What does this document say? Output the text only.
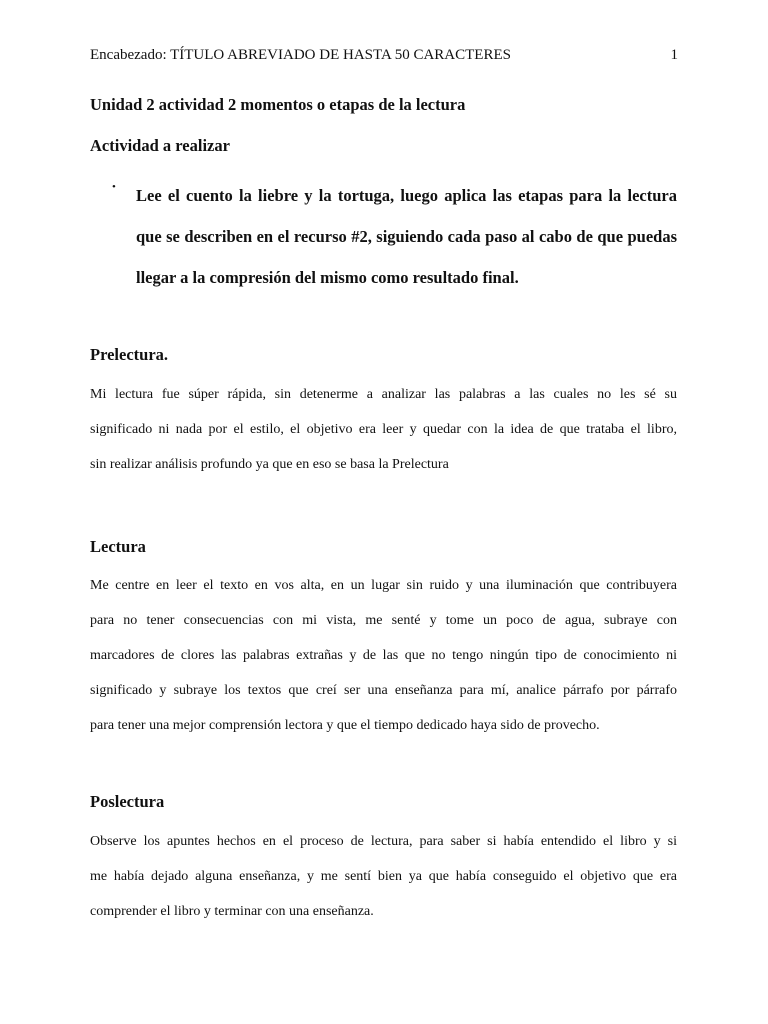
Encabezado: TÍTULO ABREVIADO DE HASTA 50 CARACTERES	1
Unidad 2 actividad 2 momentos o etapas de la lectura
Actividad a realizar
• Lee el cuento la liebre y la tortuga, luego aplica las etapas para la lectura que se describen en el recurso #2, siguiendo cada paso al cabo de que puedas llegar a la compresión del mismo como resultado final.
Prelectura.
Mi lectura fue súper rápida, sin detenerme a analizar las palabras a las cuales no les sé su
significado ni nada por el estilo, el objetivo era leer y quedar con la idea de que trataba el libro,
sin realizar análisis profundo ya que en eso se basa la Prelectura
Lectura
Me centre en leer el texto en vos alta, en un lugar sin ruido y una iluminación que contribuyera
para no tener consecuencias con mi vista, me senté y tome un poco de agua, subraye con
marcadores de clores las palabras extrañas y de las que no tengo ningún tipo de conocimiento ni
significado y subraye los textos que creí ser una enseñanza para mí, analice párrafo por párrafo
para tener una mejor comprensión lectora y que el tiempo dedicado haya sido de provecho.
Poslectura
Observe los apuntes hechos en el proceso de lectura, para saber si había entendido el libro y si
me había dejado alguna enseñanza, y me sentí bien ya que había conseguido el objetivo que era
comprender el libro y terminar con una enseñanza.
